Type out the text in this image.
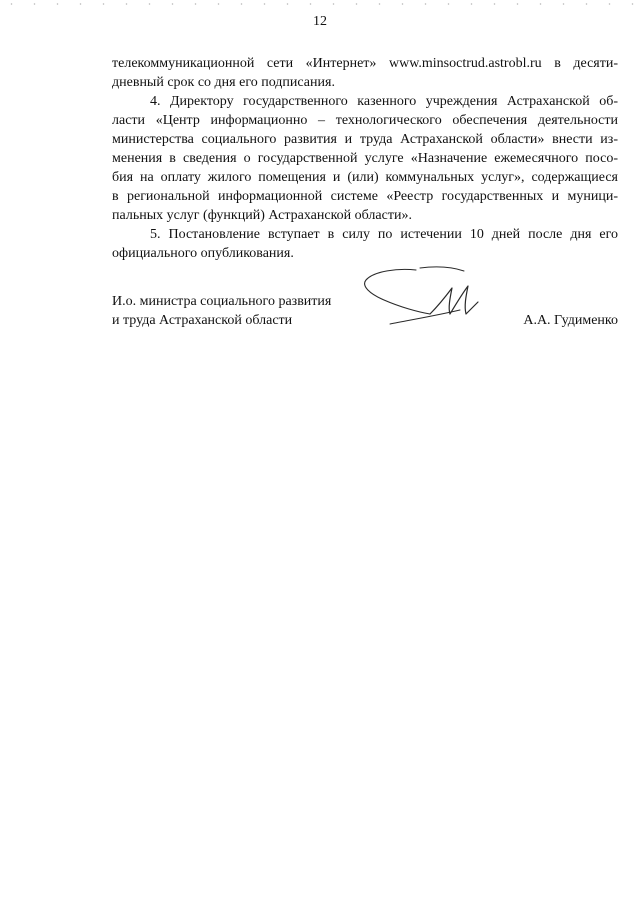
12
телекоммуникационной сети «Интернет» www.minsoctrud.astrobl.ru в десяти-
дневный срок со дня его подписания.
4. Директору государственного казенного учреждения Астраханской об-
ласти «Центр информационно – технологического обеспечения деятельности
министерства социального развития и труда Астраханской области» внести из-
менения в сведения о государственной услуге «Назначение ежемесячного посо-
бия на оплату жилого помещения и (или) коммунальных услуг», содержащиеся
в региональной информационной системе «Реестр государственных и муници-
пальных услуг (функций) Астраханской области».
5. Постановление вступает в силу по истечении 10 дней после дня его
официального опубликования.
И.о. министра социального развития
и труда Астраханской области	А.А. Гудименко
